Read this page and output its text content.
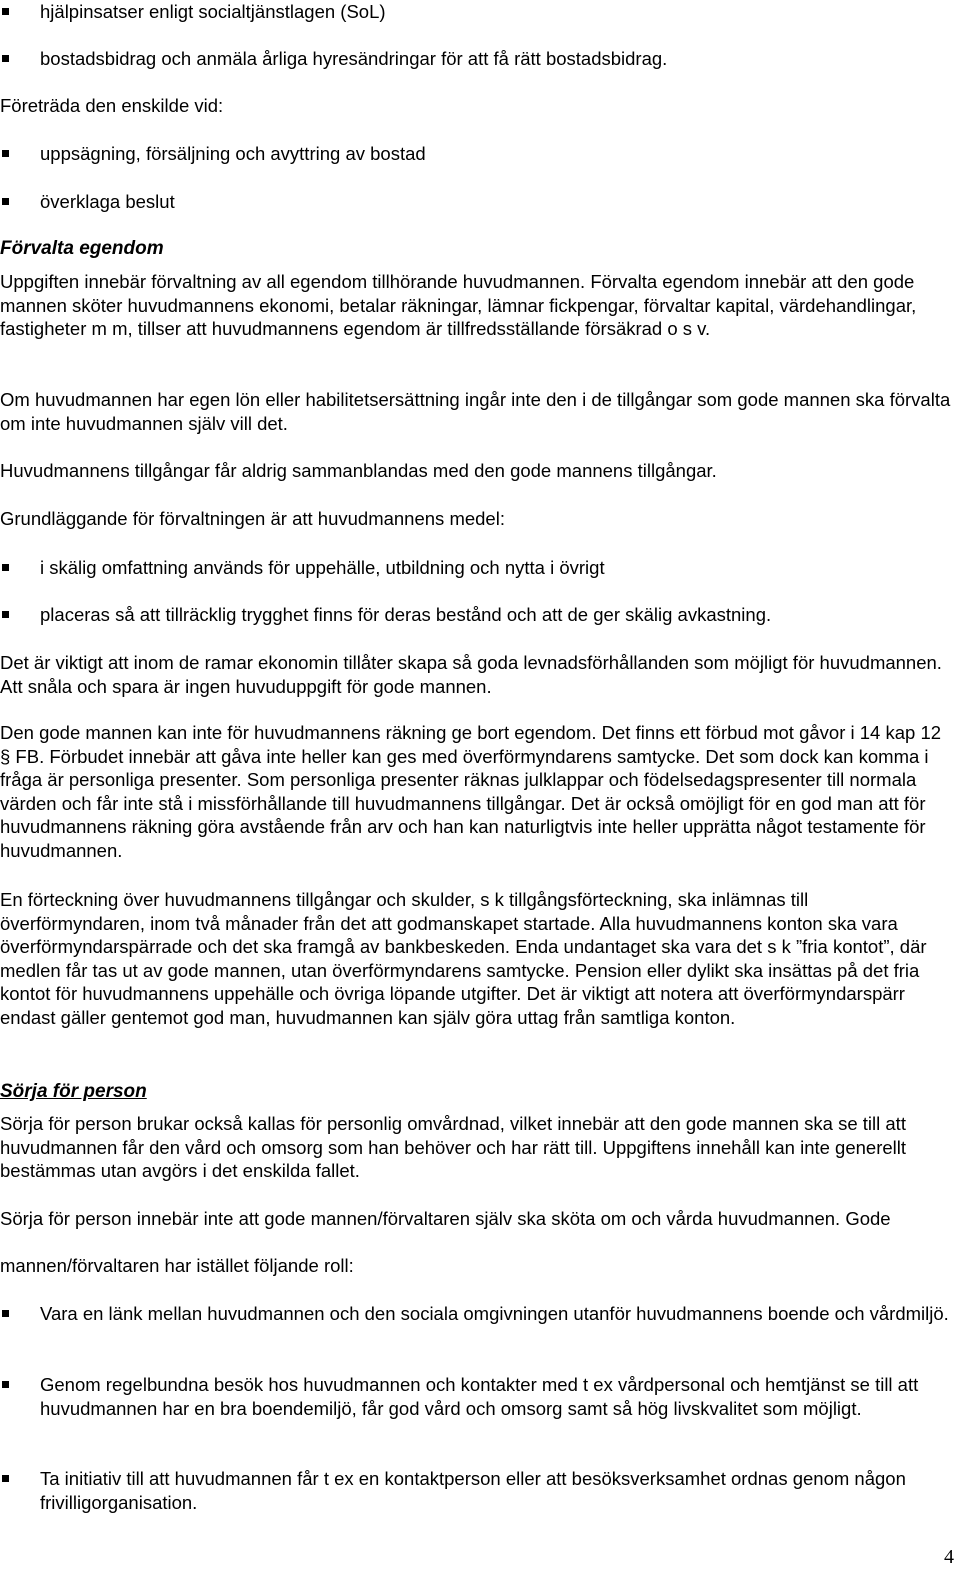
hjälpinsatser enligt socialtjänstlagen (SoL)
bostadsbidrag och anmäla årliga hyresändringar för att få rätt bostadsbidrag.

Företräda den enskilde vid:

uppsägning, försäljning och avyttring av bostad
överklaga beslut

Förvalta egendom

Uppgiften innebär förvaltning av all egendom tillhörande huvudmannen. Förvalta egendom innebär att den gode mannen sköter huvudmannens ekonomi, betalar räkningar, lämnar fickpengar, förvaltar kapital, värdehandlingar, fastigheter m m, tillser att huvudmannens egendom är tillfredsställande försäkrad o s v.

Om huvudmannen har egen lön eller habilitetsersättning ingår inte den i de tillgångar som gode mannen ska förvalta om inte huvudmannen själv vill det.

Huvudmannens tillgångar får aldrig sammanblandas med den gode mannens tillgångar.

Grundläggande för förvaltningen är att huvudmannens medel:

i skälig omfattning används för uppehälle, utbildning och nytta i övrigt
placeras så att tillräcklig trygghet finns för deras bestånd och att de ger skälig avkastning.

Det är viktigt att inom de ramar ekonomin tillåter skapa så goda levnadsförhållanden som möjligt för huvudmannen. Att snåla och spara är ingen huvuduppgift för gode mannen.

Den gode mannen kan inte för huvudmannens räkning ge bort egendom. Det finns ett förbud mot gåvor i 14 kap 12 § FB. Förbudet innebär att gåva inte heller kan ges med överförmyndarens samtycke. Det som dock kan komma i fråga är personliga presenter. Som personliga presenter räknas julklappar och födelsedagspresenter till normala värden och får inte stå i missförhållande till huvudmannens tillgångar. Det är också omöjligt för en god man att för huvudmannens räkning göra avstående från arv och han kan naturligtvis inte heller upprätta något testamente för huvudmannen.

En förteckning över huvudmannens tillgångar och skulder, s k tillgångsförteckning, ska inlämnas till överförmyndaren, inom två månader från det att godmanskapet startade. Alla huvudmannens konton ska vara överförmyndarspärrade och det ska framgå av bankbeskeden. Enda undantaget ska vara det s k ”fria kontot”, där medlen får tas ut av gode mannen, utan överförmyndarens samtycke. Pension eller dylikt ska insättas på det fria kontot för huvudmannens uppehälle och övriga löpande utgifter. Det är viktigt att notera att överförmyndarspärr endast gäller gentemot god man, huvudmannen kan själv göra uttag från samtliga konton.

Sörja för person

Sörja för person brukar också kallas för personlig omvårdnad, vilket innebär att den gode mannen ska se till att huvudmannen får den vård och omsorg som han behöver och har rätt till. Uppgiftens innehåll kan inte generellt bestämmas utan avgörs i det enskilda fallet.

Sörja för person innebär inte att gode mannen/förvaltaren själv ska sköta om och vårda huvudmannen. Gode

mannen/förvaltaren har istället följande roll:

Vara en länk mellan huvudmannen och den sociala omgivningen utanför huvudmannens boende och vårdmiljö.
Genom regelbundna besök hos huvudmannen och kontakter med t ex vårdpersonal och hemtjänst se till att huvudmannen har en bra boendemiljö, får god vård och omsorg samt så hög livskvalitet som möjligt.
Ta initiativ till att huvudmannen får t ex en kontaktperson eller att besöksverksamhet ordnas genom någon frivilligorganisation.
4
